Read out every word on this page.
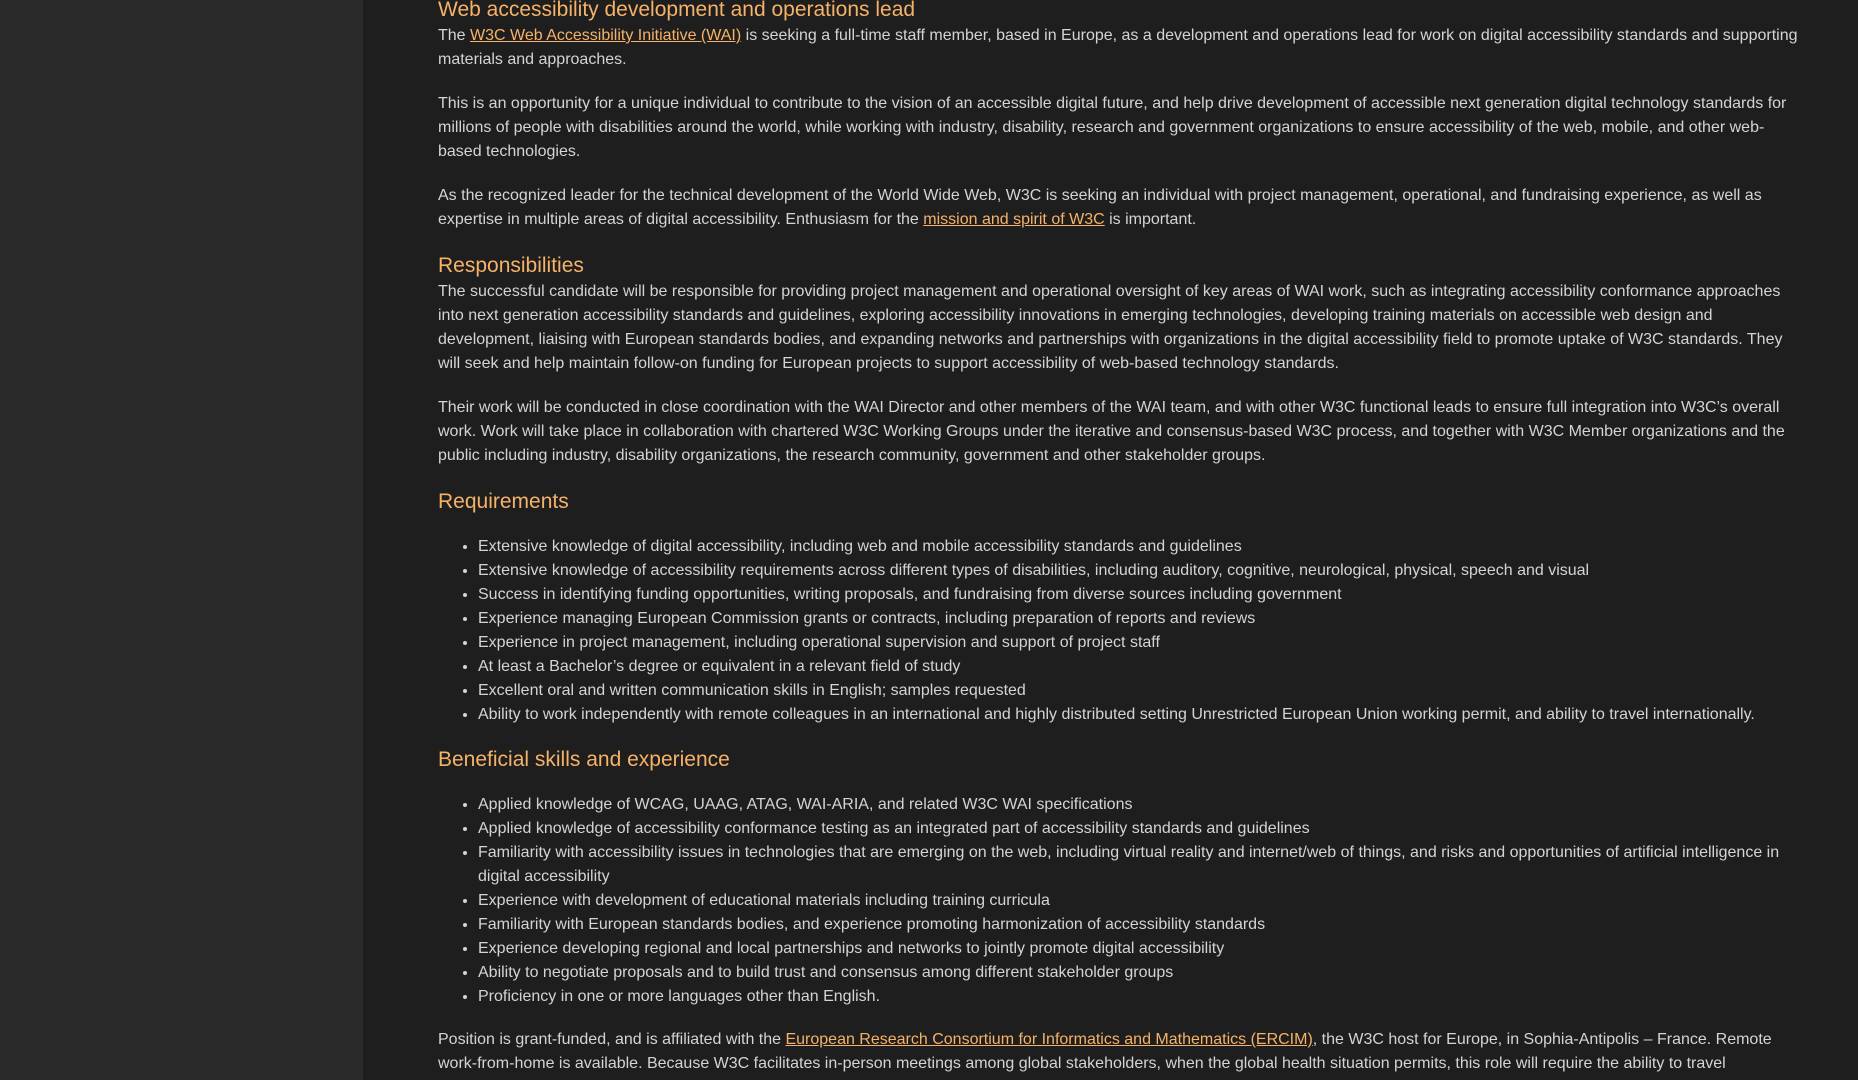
Web accessibility development and operations lead

The W3C Web Accessibility Initiative (WAI) is seeking a full-time staff member, based in Europe, as a development and operations lead for work on digital accessibility standards and supporting materials and approaches.

This is an opportunity for a unique individual to contribute to the vision of an accessible digital future, and help drive development of accessible next generation digital technology standards for millions of people with disabilities around the world, while working with industry, disability, research and government organizations to ensure accessibility of the web, mobile, and other web-based technologies.

As the recognized leader for the technical development of the World Wide Web, W3C is seeking an individual with project management, operational, and fundraising experience, as well as expertise in multiple areas of digital accessibility. Enthusiasm for the mission and spirit of W3C is important.

Responsibilities

The successful candidate will be responsible for providing project management and operational oversight of key areas of WAI work, such as integrating accessibility conformance approaches into next generation accessibility standards and guidelines, exploring accessibility innovations in emerging technologies, developing training materials on accessible web design and development, liaising with European standards bodies, and expanding networks and partnerships with organizations in the digital accessibility field to promote uptake of W3C standards. They will seek and help maintain follow-on funding for European projects to support accessibility of web-based technology standards.

Their work will be conducted in close coordination with the WAI Director and other members of the WAI team, and with other W3C functional leads to ensure full integration into W3C’s overall work. Work will take place in collaboration with chartered W3C Working Groups under the iterative and consensus-based W3C process, and together with W3C Member organizations and the public including industry, disability organizations, the research community, government and other stakeholder groups.

Requirements
• Extensive knowledge of digital accessibility, including web and mobile accessibility standards and guidelines
• Extensive knowledge of accessibility requirements across different types of disabilities, including auditory, cognitive, neurological, physical, speech and visual
• Success in identifying funding opportunities, writing proposals, and fundraising from diverse sources including government
• Experience managing European Commission grants or contracts, including preparation of reports and reviews
• Experience in project management, including operational supervision and support of project staff
• At least a Bachelor’s degree or equivalent in a relevant field of study
• Excellent oral and written communication skills in English; samples requested
• Ability to work independently with remote colleagues in an international and highly distributed setting Unrestricted European Union working permit, and ability to travel internationally.
Beneficial skills and experience
• Applied knowledge of WCAG, UAAG, ATAG, WAI-ARIA, and related W3C WAI specifications
• Applied knowledge of accessibility conformance testing as an integrated part of accessibility standards and guidelines
• Familiarity with accessibility issues in technologies that are emerging on the web, including virtual reality and internet/web of things, and risks and opportunities of artificial intelligence in digital accessibility
• Experience with development of educational materials including training curricula
• Familiarity with European standards bodies, and experience promoting harmonization of accessibility standards
• Experience developing regional and local partnerships and networks to jointly promote digital accessibility
• Ability to negotiate proposals and to build trust and consensus among different stakeholder groups
• Proficiency in one or more languages other than English.

Position is grant-funded, and is affiliated with the European Research Consortium for Informatics and Mathematics (ERCIM), the W3C host for Europe, in Sophia-Antipolis – France. Remote work-from-home is available. Because W3C facilitates in-person meetings among global stakeholders, when the global health situation permits, this role will require the ability to travel
